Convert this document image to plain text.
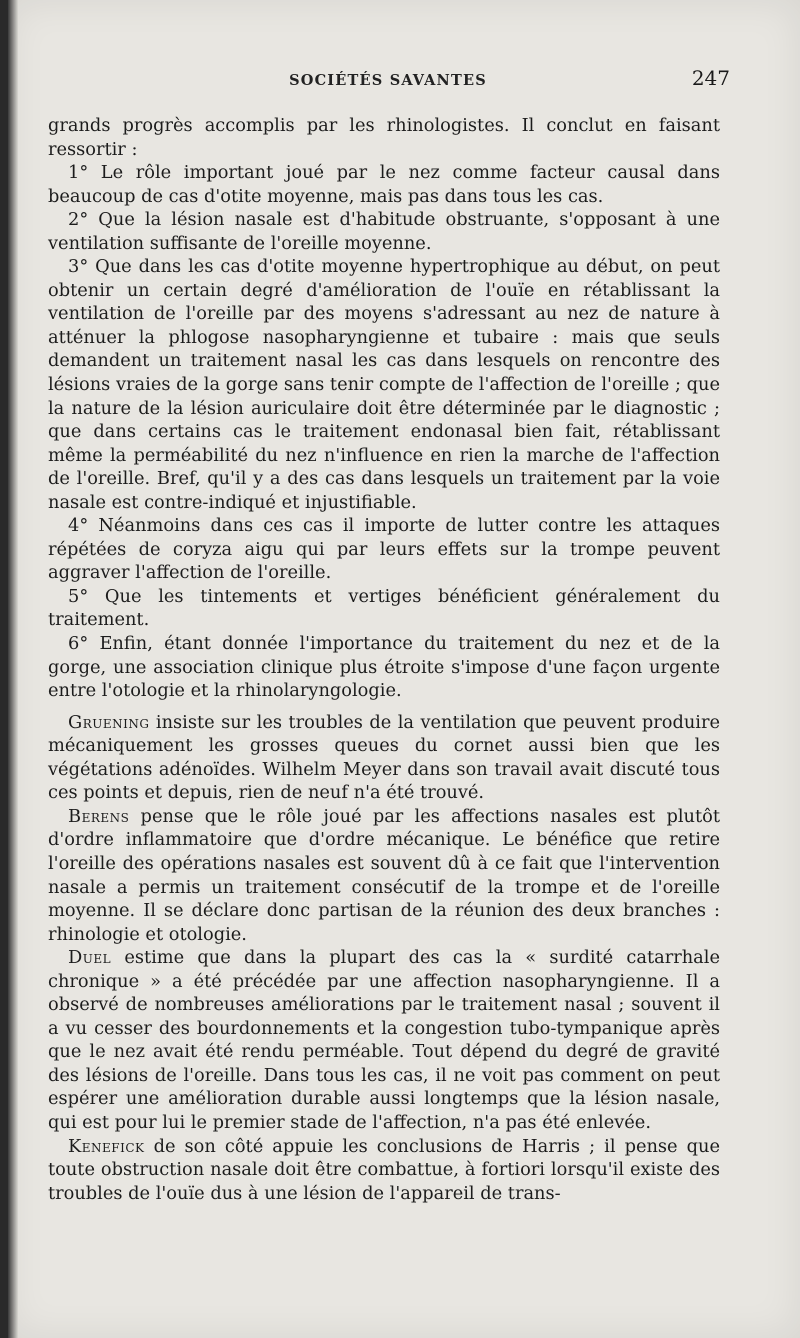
SOCIÉTÉS SAVANTES	247

grands progrès accomplis par les rhinologistes. Il conclut en faisant ressortir :

1° Le rôle important joué par le nez comme facteur causal dans beaucoup de cas d'otite moyenne, mais pas dans tous les cas.

2° Que la lésion nasale est d'habitude obstruante, s'opposant à une ventilation suffisante de l'oreille moyenne.

3° Que dans les cas d'otite moyenne hypertrophique au début, on peut obtenir un certain degré d'amélioration de l'ouïe en rétablissant la ventilation de l'oreille par des moyens s'adressant au nez de nature à atténuer la phlogose nasopharyngienne et tubaire : mais que seuls demandent un traitement nasal les cas dans lesquels on rencontre des lésions vraies de la gorge sans tenir compte de l'affection de l'oreille ; que la nature de la lésion auriculaire doit être déterminée par le diagnostic ; que dans certains cas le traitement endonasal bien fait, rétablissant même la perméabilité du nez n'influence en rien la marche de l'affection de l'oreille. Bref, qu'il y a des cas dans lesquels un traitement par la voie nasale est contre-indiqué et injustifiable.

4° Néanmoins dans ces cas il importe de lutter contre les attaques répétées de coryza aigu qui par leurs effets sur la trompe peuvent aggraver l'affection de l'oreille.

5° Que les tintements et vertiges bénéficient généralement du traitement.

6° Enfin, étant donnée l'importance du traitement du nez et de la gorge, une association clinique plus étroite s'impose d'une façon urgente entre l'otologie et la rhinolaryngologie.

Gruening insiste sur les troubles de la ventilation que peuvent produire mécaniquement les grosses queues du cornet aussi bien que les végétations adénoïdes. Wilhelm Meyer dans son travail avait discuté tous ces points et depuis, rien de neuf n'a été trouvé.

Berens pense que le rôle joué par les affections nasales est plutôt d'ordre inflammatoire que d'ordre mécanique. Le bénéfice que retire l'oreille des opérations nasales est souvent dû à ce fait que l'intervention nasale a permis un traitement consécutif de la trompe et de l'oreille moyenne. Il se déclare donc partisan de la réunion des deux branches : rhinologie et otologie.

Duel estime que dans la plupart des cas la « surdité catarrhale chronique » a été précédée par une affection nasopharyngienne. Il a observé de nombreuses améliorations par le traitement nasal ; souvent il a vu cesser des bourdonnements et la congestion tubo-tympanique après que le nez avait été rendu perméable. Tout dépend du degré de gravité des lésions de l'oreille. Dans tous les cas, il ne voit pas comment on peut espérer une amélioration durable aussi longtemps que la lésion nasale, qui est pour lui le premier stade de l'affection, n'a pas été enlevée.

Kenefick de son côté appuie les conclusions de Harris ; il pense que toute obstruction nasale doit être combattue, à fortiori lorsqu'il existe des troubles de l'ouïe dus à une lésion de l'appareil de trans-
